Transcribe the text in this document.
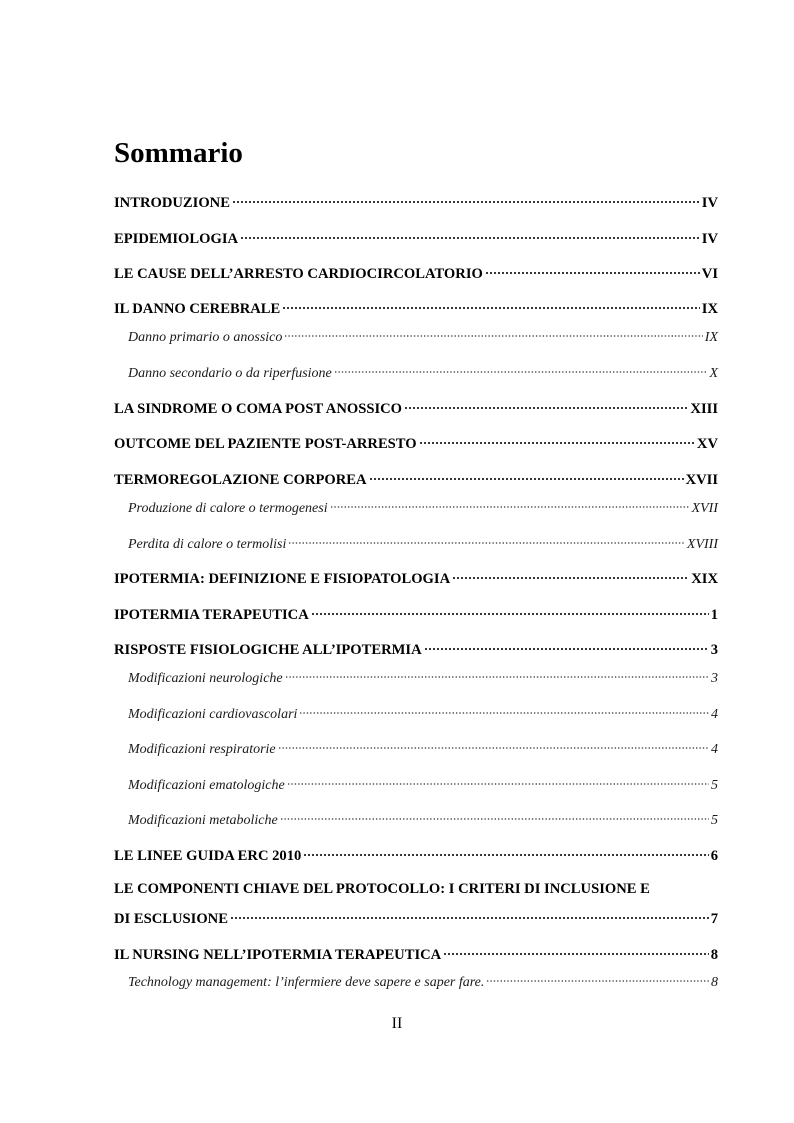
Sommario
INTRODUZIONE	IV
EPIDEMIOLOGIA	IV
LE CAUSE DELL’ARRESTO CARDIOCIRCOLATORIO	VI
IL DANNO CEREBRALE	IX
Danno primario o anossico	IX
Danno secondario o da riperfusione	X
LA SINDROME O COMA POST ANOSSICO	XIII
OUTCOME DEL PAZIENTE POST-ARRESTO	XV
TERMOREGOLAZIONE CORPOREA	XVII
Produzione di calore o termogenesi	XVII
Perdita di calore o termolisi	XVIII
IPOTERMIA: DEFINIZIONE E FISIOPATOLOGIA	XIX
IPOTERMIA TERAPEUTICA	1
RISPOSTE FISIOLOGICHE ALL’IPOTERMIA	3
Modificazioni neurologiche	3
Modificazioni cardiovascolari	4
Modificazioni respiratorie	4
Modificazioni ematologiche	5
Modificazioni metaboliche	5
LE LINEE GUIDA ERC 2010	6
LE COMPONENTI CHIAVE DEL PROTOCOLLO: I CRITERI DI INCLUSIONE E
DI ESCLUSIONE	7
IL NURSING NELL’IPOTERMIA TERAPEUTICA	8
Technology management: l’infermiere deve sapere e saper fare.	8
II
